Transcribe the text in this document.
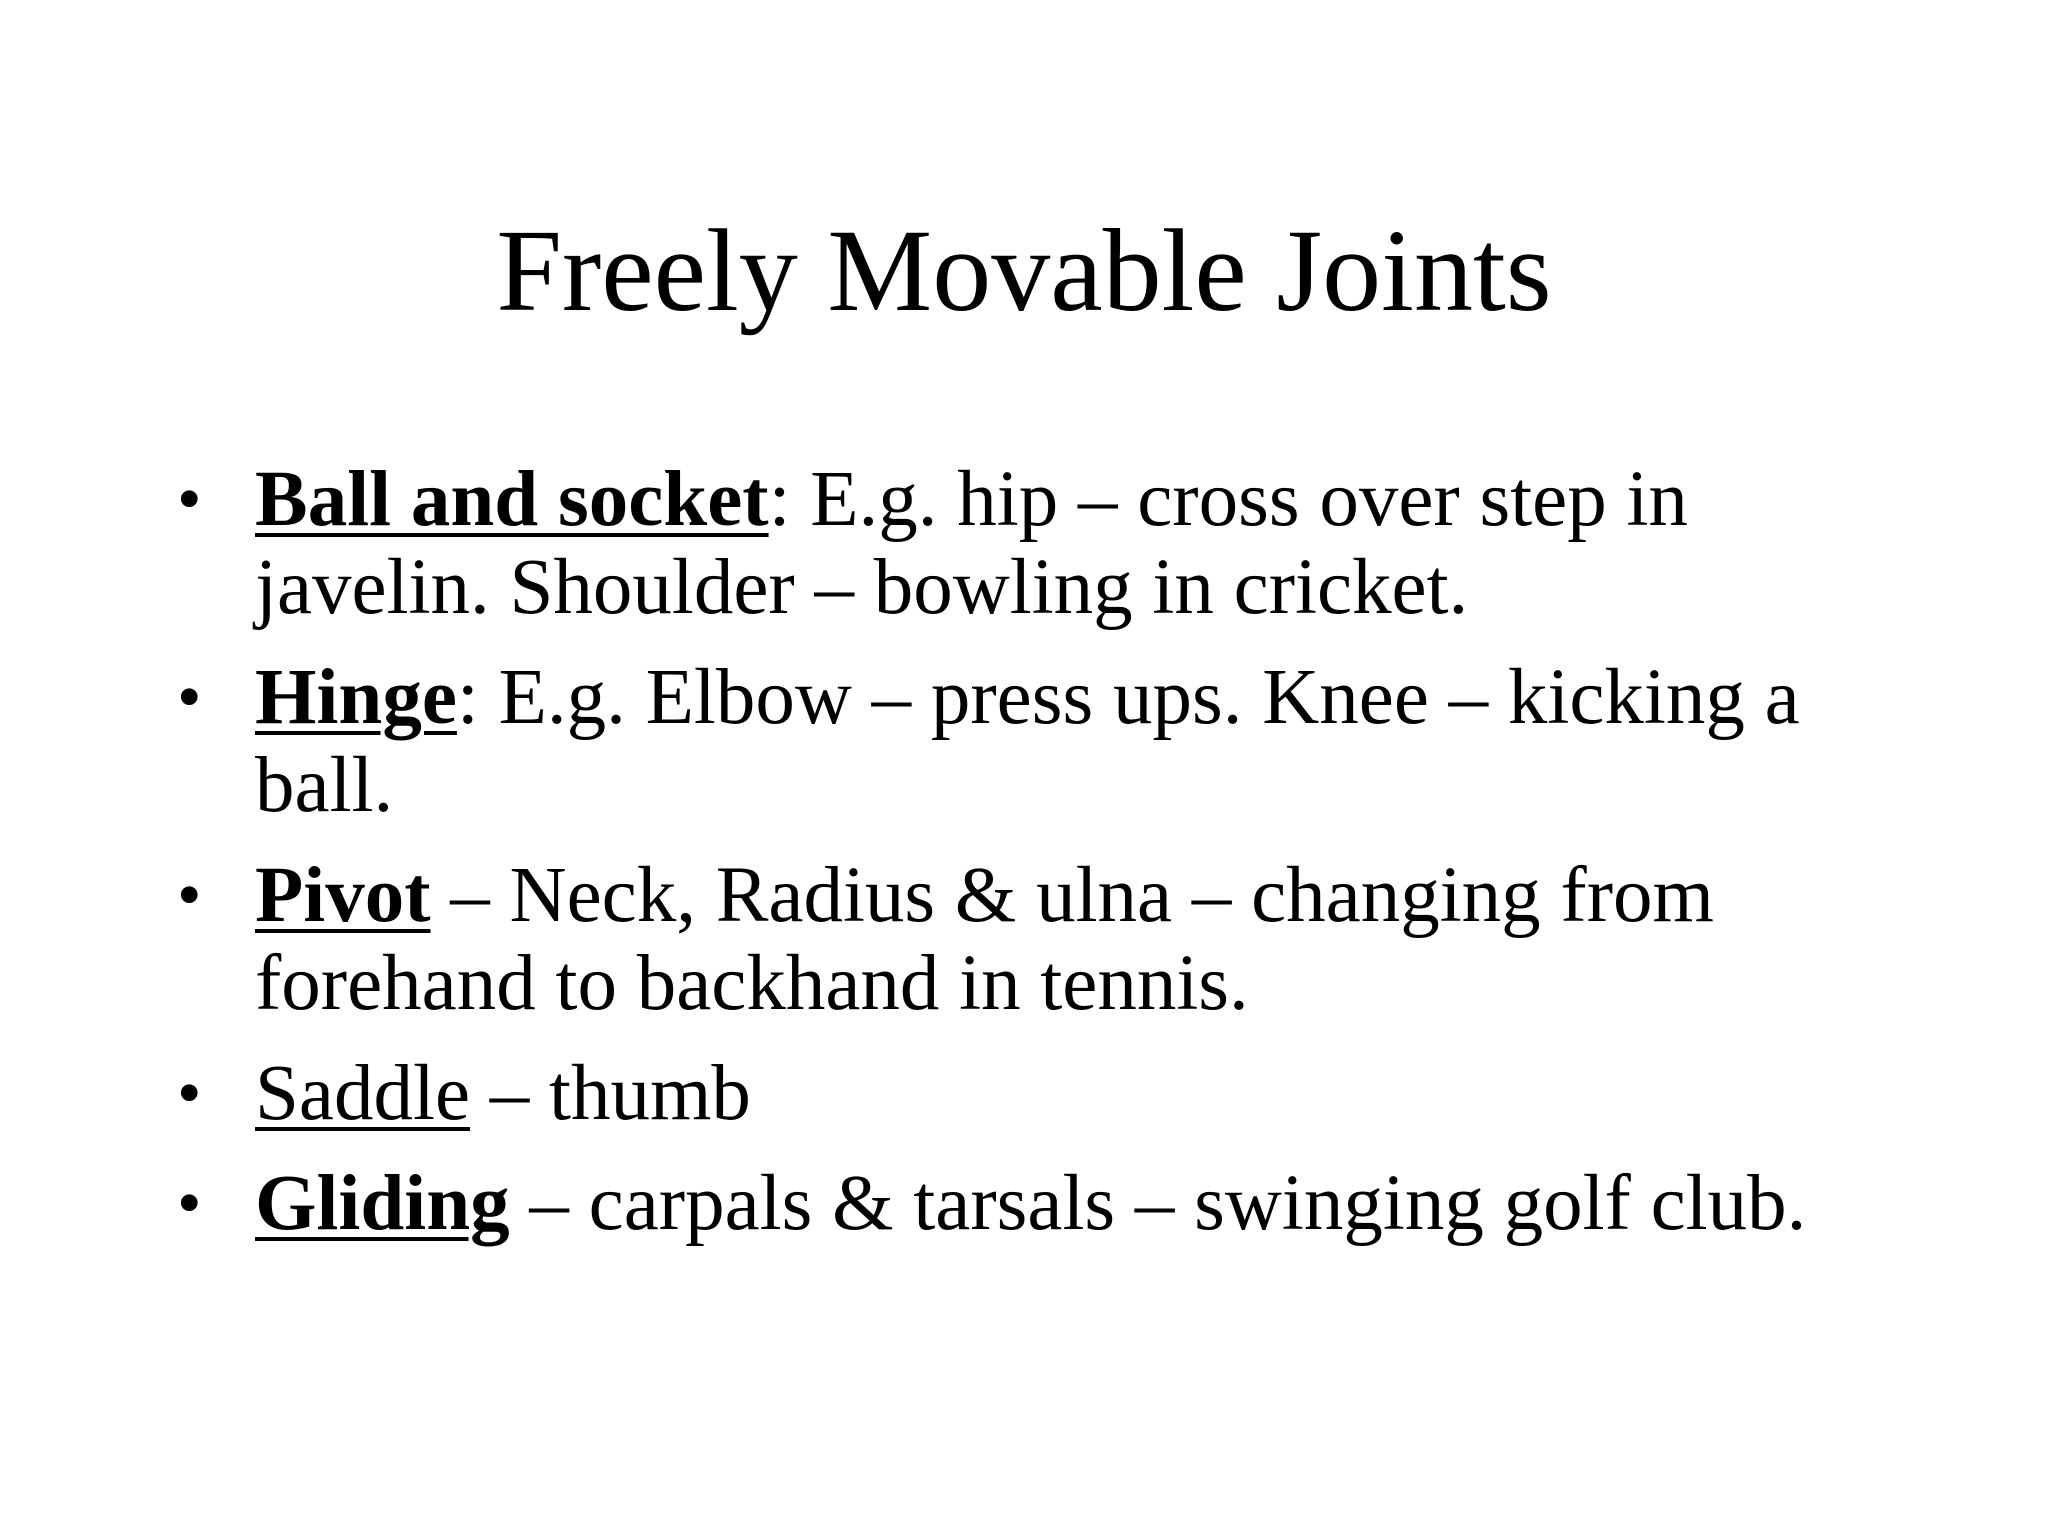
Freely Movable Joints
• Ball and socket: E.g. hip – cross over step in javelin. Shoulder – bowling in cricket.
• Hinge: E.g. Elbow – press ups. Knee – kicking a ball.
• Pivot – Neck, Radius & ulna – changing from forehand to backhand in tennis.
• Saddle – thumb
• Gliding – carpals & tarsals – swinging golf club.
